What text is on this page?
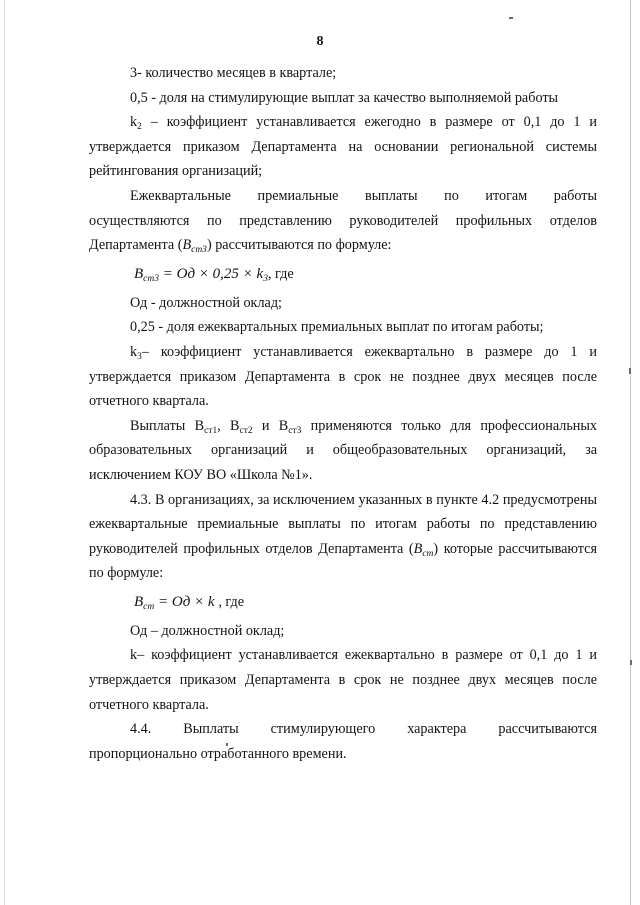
8

3- количество месяцев в квартале;

0,5 - доля на стимулирующие выплат за качество выполняемой работы

$k_2$ – коэффициент устанавливается ежегодно в размере от 0,1 до 1 и утверждается приказом Департамента на основании региональной системы рейтингования организаций;

Ежеквартальные премиальные выплаты по итогам работы

осуществляются по представлению руководителей профильных отделов Департамента $(В_{ст3})$ рассчитываются по формуле:

$В_{ст3}$ = Од × $0,25 \times k_3$, где

Од - должностной оклад;

0,25 - доля ежеквартальных премиальных выплат по итогам работы;

$k_3-$ коэффициент устанавливается ежеквартально в размере до 1 и утверждается приказом Департамента в срок не позднее двух месяцев после отчетного квартала.

Выплаты $В_{ст1}$, $В_{ст2}$ и $В_{ст3}$ применяются только для профессиональных образовательных организаций и общеобразовательных организаций, за исключением КОУ ВО «Школа №1».

4.3. В организациях, за исключением указанных в пункте 4.2 предусмотрены ежеквартальные премиальные выплаты по итогам работы по представлению руководителей профильных отделов Департамента $(В_{ст})$ которые рассчитываются по формуле:

$В_{ст}$ = Од × k , где

Од – должностной оклад;

k– коэффициент устанавливается ежеквартально в размере от 0,1 до 1 и утверждается приказом Департамента в срок не позднее двух месяцев после отчетного квартала.

4.4. Выплаты стимулирующего характера рассчитываются

пропорционально отработанного времени.
